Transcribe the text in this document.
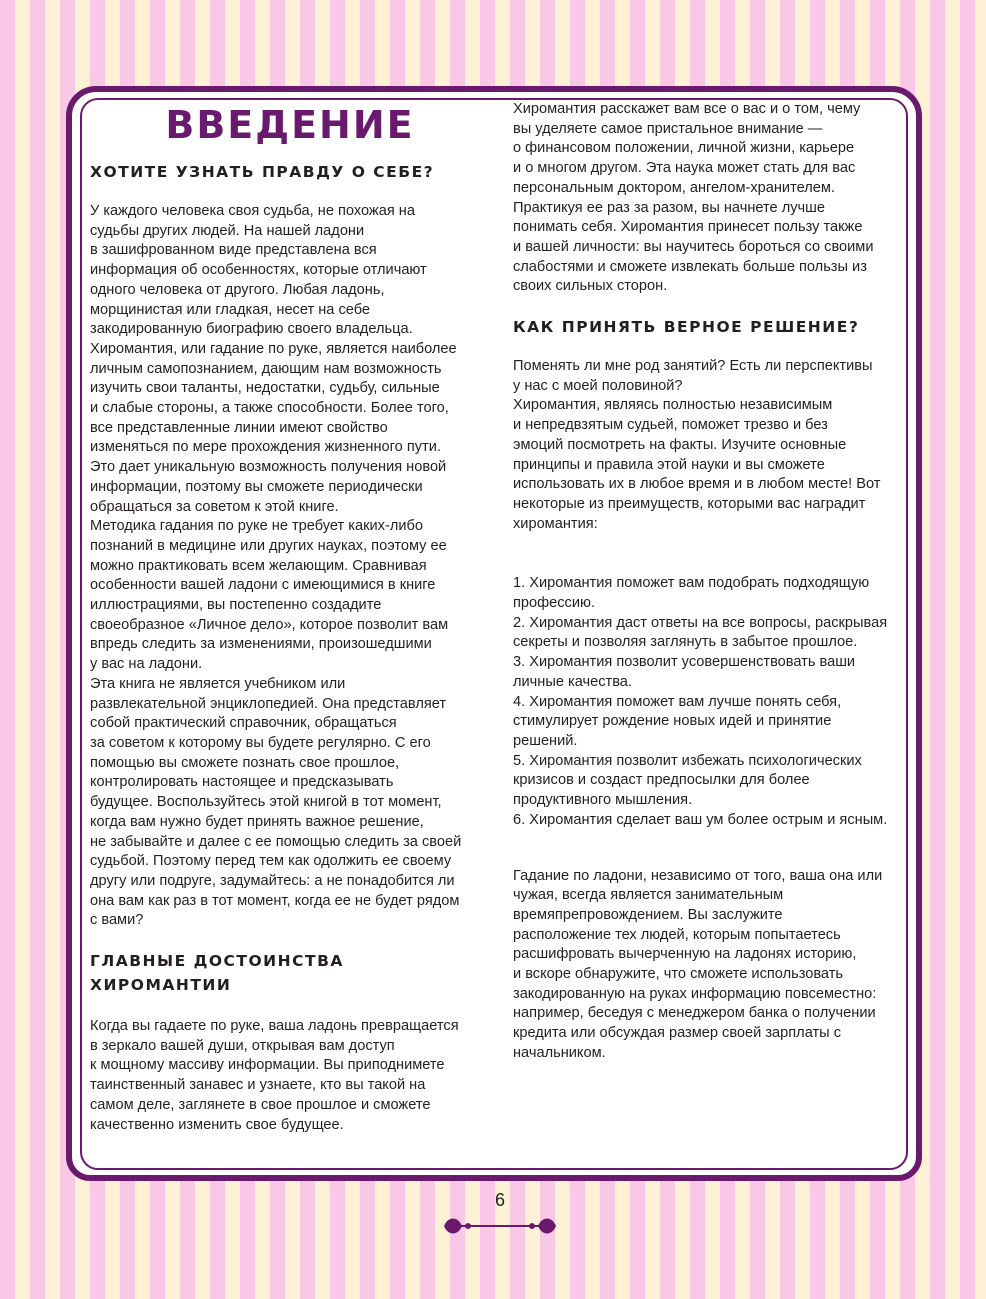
ВВЕДЕНИЕ
ХОТИТЕ УЗНАТЬ ПРАВДУ О СЕБЕ?

У каждого человека своя судьба, не похожая на
судьбы других людей. На нашей ладони
в зашифрованном виде представлена вся
информация об особенностях, которые отличают
одного человека от другого. Любая ладонь,
морщинистая или гладкая, несет на себе
закодированную биографию своего владельца.
Хиромантия, или гадание по руке, является наиболее
личным самопознанием, дающим нам возможность
изучить свои таланты, недостатки, судьбу, сильные
и слабые стороны, а также способности. Более того,
все представленные линии имеют свойство
изменяться по мере прохождения жизненного пути.
Это дает уникальную возможность получения новой
информации, поэтому вы сможете периодически
обращаться за советом к этой книге.
Методика гадания по руке не требует каких-либо
познаний в медицине или других науках, поэтому ее
можно практиковать всем желающим. Сравнивая
особенности вашей ладони с имеющимися в книге
иллюстрациями, вы постепенно создадите
своеобразное «Личное дело», которое позволит вам
впредь следить за изменениями, произошедшими
у вас на ладони.
Эта книга не является учебником или
развлекательной энциклопедией. Она представляет
собой практический справочник, обращаться
за советом к которому вы будете регулярно. С его
помощью вы сможете познать свое прошлое,
контролировать настоящее и предсказывать
будущее. Воспользуйтесь этой книгой в тот момент,
когда вам нужно будет принять важное решение,
не забывайте и далее с ее помощью следить за своей
судьбой. Поэтому перед тем как одолжить ее своему
другу или подруге, задумайтесь: а не понадобится ли
она вам как раз в тот момент, когда ее не будет рядом
с вами?

ГЛАВНЫЕ ДОСТОИНСТВА ХИРОМАНТИИ

Когда вы гадаете по руке, ваша ладонь превращается
в зеркало вашей души, открывая вам доступ
к мощному массиву информации. Вы приподнимете
таинственный занавес и узнаете, кто вы такой на
самом деле, заглянете в свое прошлое и сможете
качественно изменить свое будущее.

Хиромантия расскажет вам все о вас и о том, чему
вы уделяете самое пристальное внимание —
о финансовом положении, личной жизни, карьере
и о многом другом. Эта наука может стать для вас
персональным доктором, ангелом-хранителем.
Практикуя ее раз за разом, вы начнете лучше
понимать себя. Хиромантия принесет пользу также
и вашей личности: вы научитесь бороться со своими
слабостями и сможете извлекать больше пользы из
своих сильных сторон.

КАК ПРИНЯТЬ ВЕРНОЕ РЕШЕНИЕ?

Поменять ли мне род занятий? Есть ли перспективы
у нас с моей половиной?
Хиромантия, являясь полностью независимым
и непредвзятым судьей, поможет трезво и без
эмоций посмотреть на факты. Изучите основные
принципы и правила этой науки и вы сможете
использовать их в любое время и в любом месте! Вот
некоторые из преимуществ, которыми вас наградит
хиромантия:

1. Хиромантия поможет вам подобрать подходящую
профессию.
2. Хиромантия даст ответы на все вопросы, раскрывая
секреты и позволяя заглянуть в забытое прошлое.
3. Хиромантия позволит усовершенствовать ваши
личные качества.
4. Хиромантия поможет вам лучше понять себя,
стимулирует рождение новых идей и принятие
решений.
5. Хиромантия позволит избежать психологических
кризисов и создаст предпосылки для более
продуктивного мышления.
6. Хиромантия сделает ваш ум более острым и ясным.

Гадание по ладони, независимо от того, ваша она или
чужая, всегда является занимательным
времяпрепровождением. Вы заслужите
расположение тех людей, которым попытаетесь
расшифровать вычерченную на ладонях историю,
и вскоре обнаружите, что сможете использовать
закодированную на руках информацию повсеместно:
например, беседуя с менеджером банка о получении
кредита или обсуждая размер своей зарплаты с
начальником.

6
